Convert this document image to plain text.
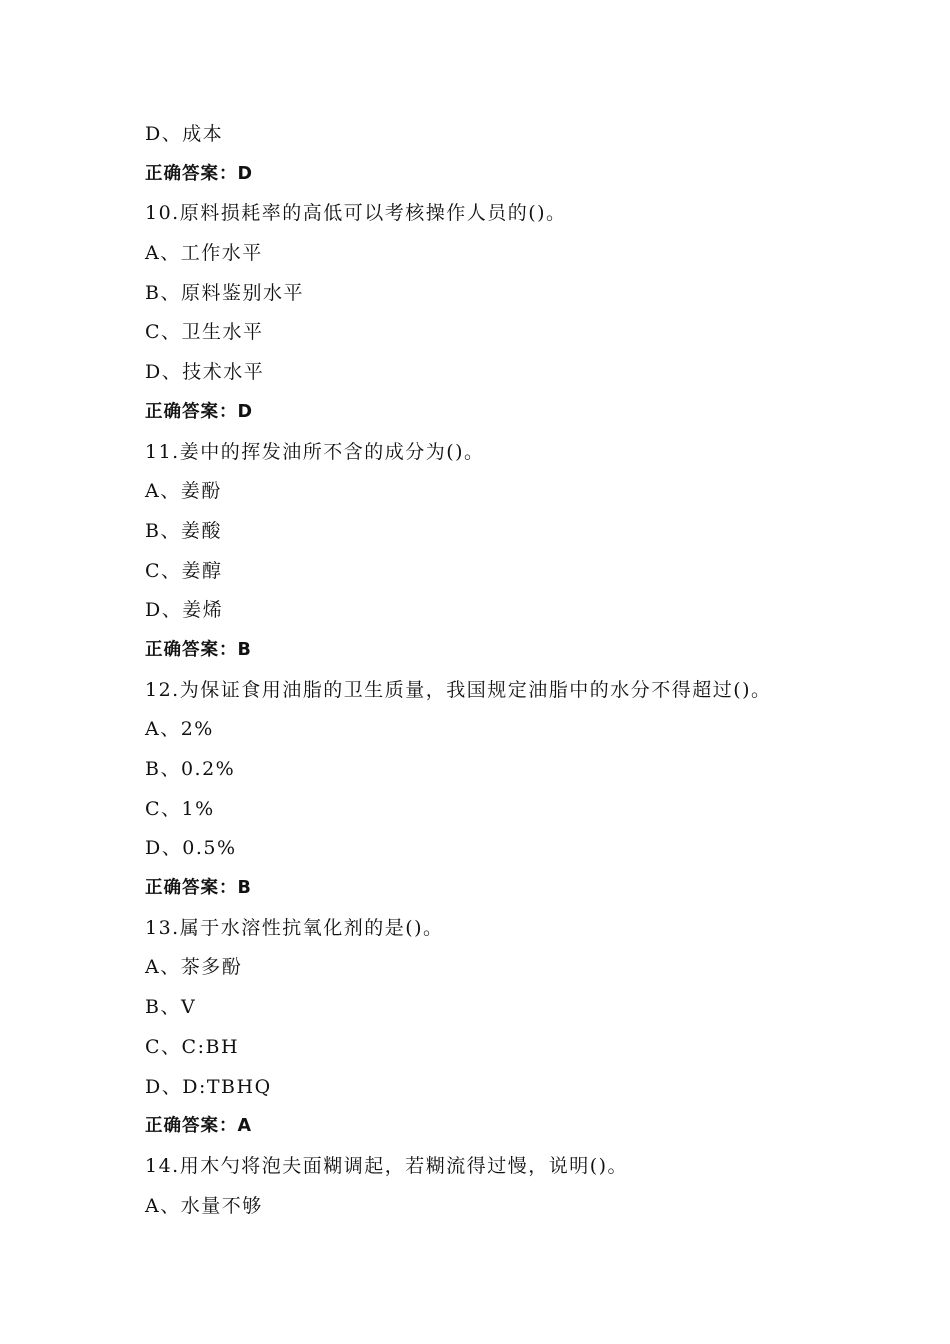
D、成本
正确答案：D
10.原料损耗率的高低可以考核操作人员的()。
A、工作水平
B、原料鉴别水平
C、卫生水平
D、技术水平
正确答案：D
11.姜中的挥发油所不含的成分为()。
A、姜酚
B、姜酸
C、姜醇
D、姜烯
正确答案：B
12.为保证食用油脂的卫生质量，我国规定油脂中的水分不得超过()。
A、2%
B、0.2%
C、1%
D、0.5%
正确答案：B
13.属于水溶性抗氧化剂的是()。
A、茶多酚
B、V
C、C:BH
D、D:TBHQ
正确答案：A
14.用木勺将泡夫面糊调起，若糊流得过慢，说明()。
A、水量不够
